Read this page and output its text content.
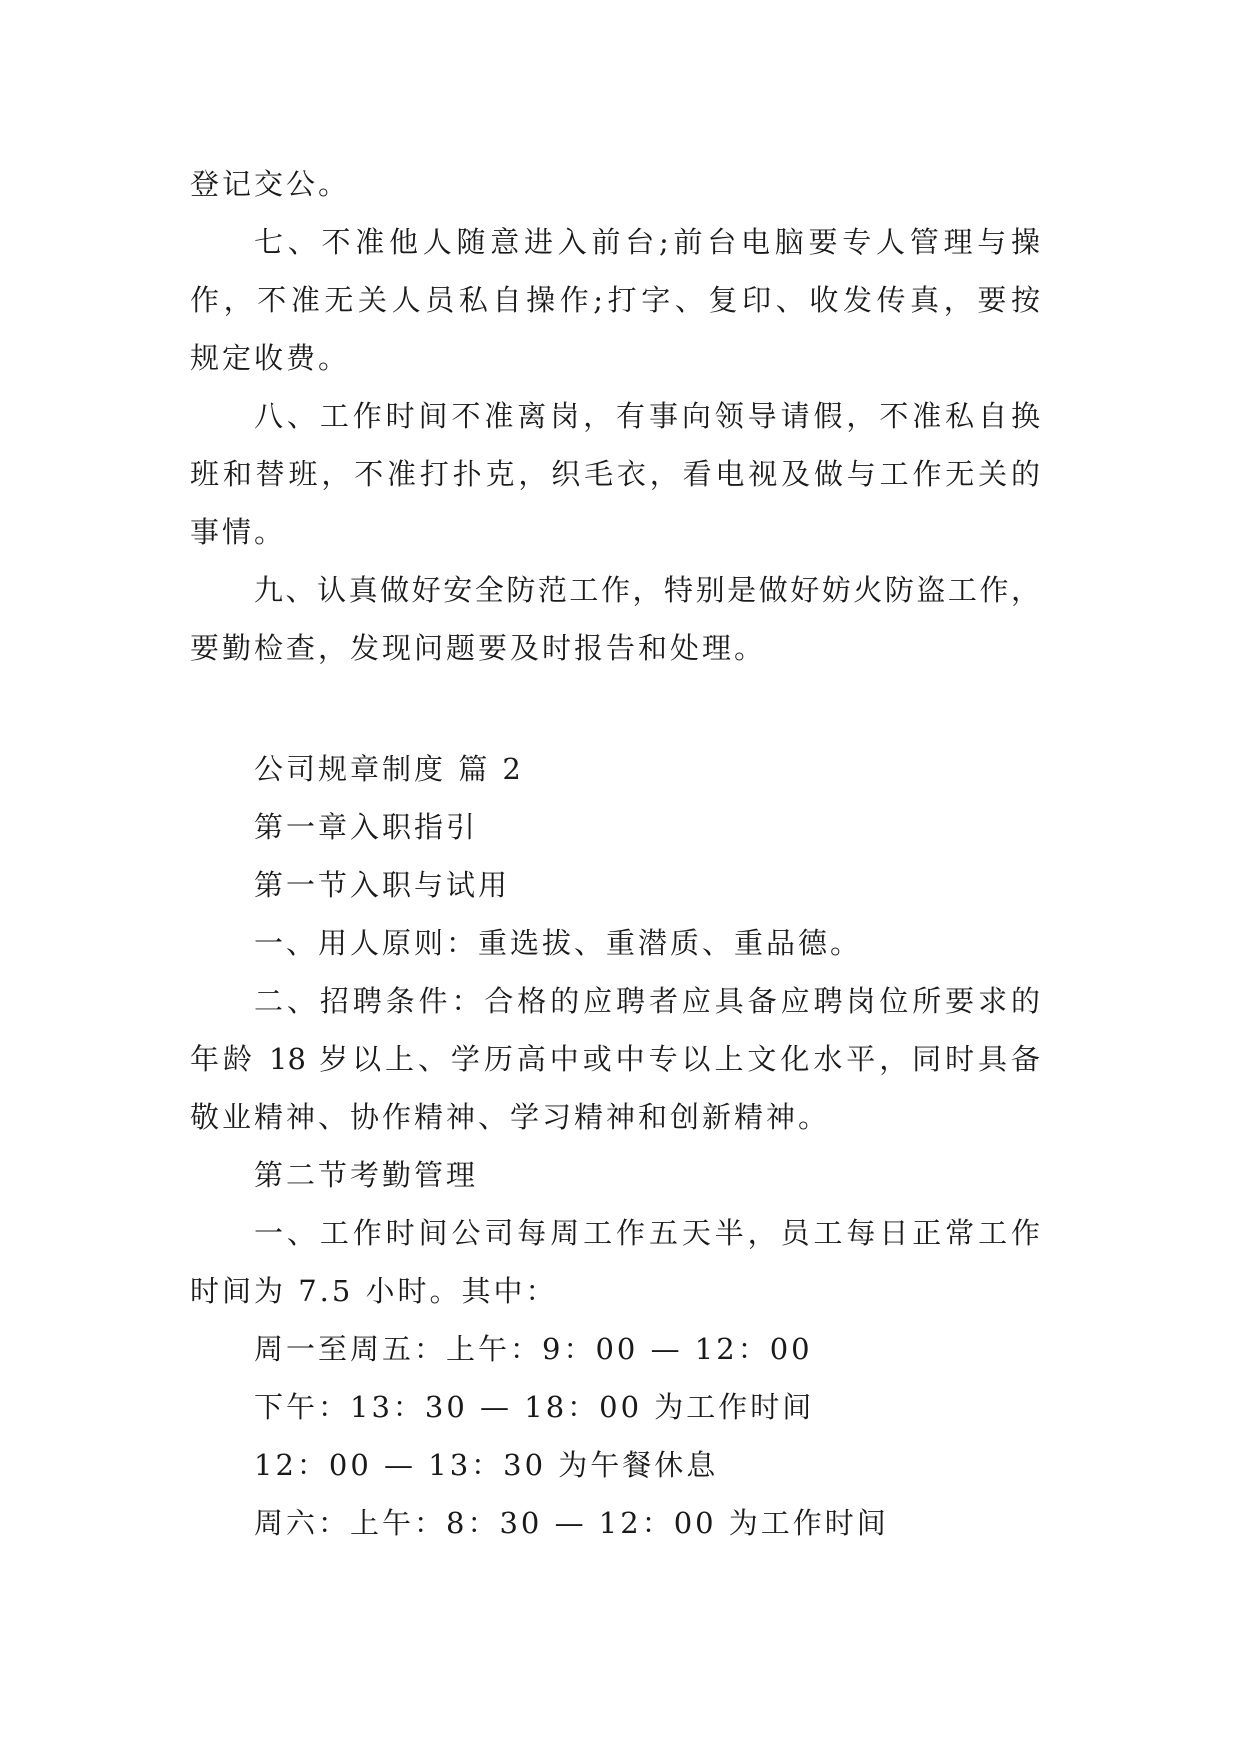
登记交公。
七、不准他人随意进入前台;前台电脑要专人管理与操
作，不准无关人员私自操作;打字、复印、收发传真，要按
规定收费。
八、工作时间不准离岗，有事向领导请假，不准私自换
班和替班，不准打扑克，织毛衣，看电视及做与工作无关的
事情。
九、认真做好安全防范工作，特别是做好妨火防盗工作，
要勤检查，发现问题要及时报告和处理。
公司规章制度 篇 2
第一章入职指引
第一节入职与试用
一、用人原则：重选拔、重潜质、重品德。
二、招聘条件：合格的应聘者应具备应聘岗位所要求的
年龄 18 岁以上、学历高中或中专以上文化水平，同时具备
敬业精神、协作精神、学习精神和创新精神。
第二节考勤管理
一、工作时间公司每周工作五天半，员工每日正常工作
时间为 7.5 小时。其中：
周一至周五：上午：9：00 — 12：00
下午：13：30 — 18：00 为工作时间
12：00 — 13：30 为午餐休息
周六：上午：8：30 — 12：00 为工作时间
